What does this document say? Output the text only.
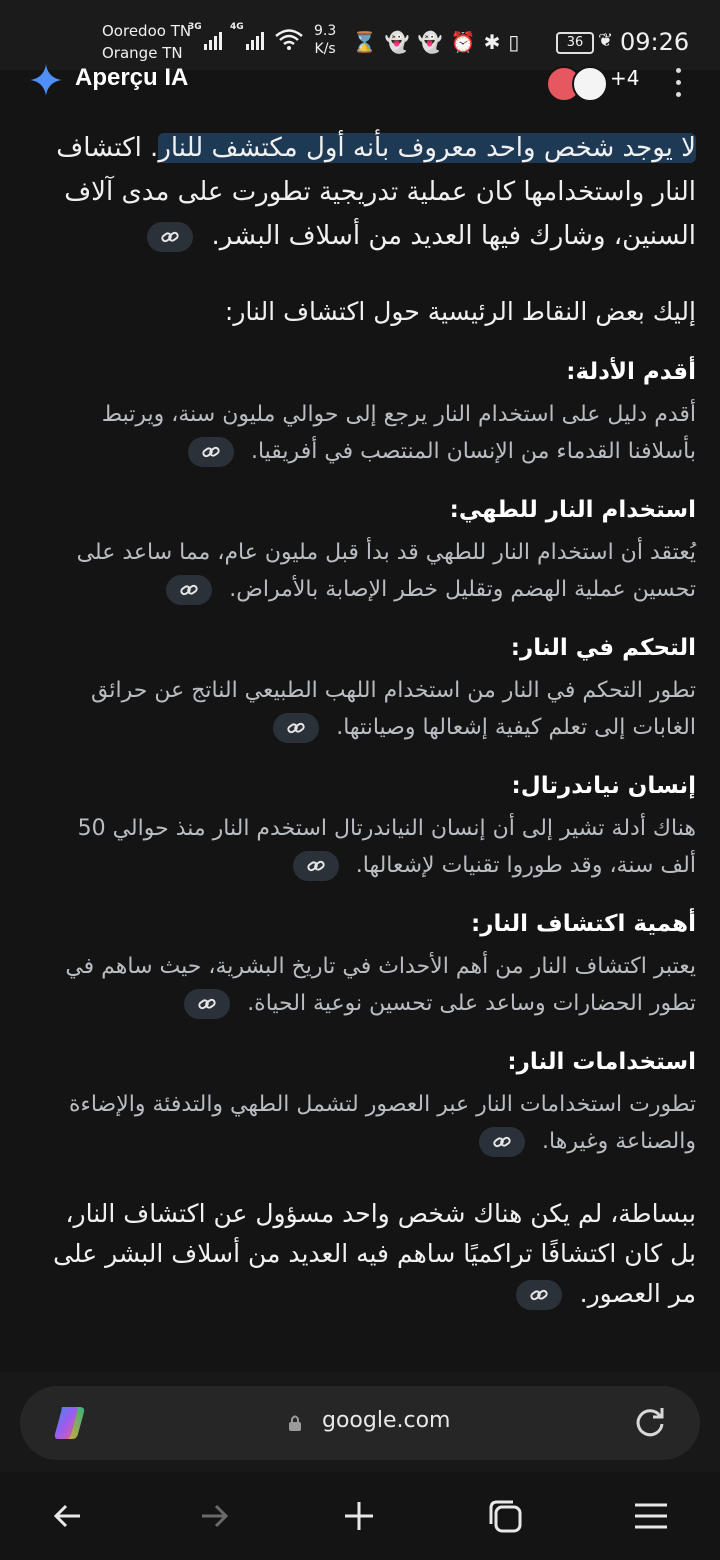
Ooredoo TN
Orange TN
3G	4G	9.3
K/s ⌛ 👻 👻 ⏰ ✱ ▯	36 ❦ 09:26
Aperçu IA	+4

لا يوجد شخص واحد معروف بأنه أول مكتشف للنار. اكتشاف النار واستخدامها كان عملية تدريجية تطورت على مدى آلاف السنين، وشارك فيها العديد من أسلاف البشر.

إليك بعض النقاط الرئيسية حول اكتشاف النار:
أقدم الأدلة:
أقدم دليل على استخدام النار يرجع إلى حوالي مليون سنة، ويرتبط بأسلافنا القدماء من الإنسان المنتصب في أفريقيا.
استخدام النار للطهي:
يُعتقد أن استخدام النار للطهي قد بدأ قبل مليون عام، مما ساعد على تحسين عملية الهضم وتقليل خطر الإصابة بالأمراض.
التحكم في النار:
تطور التحكم في النار من استخدام اللهب الطبيعي الناتج عن حرائق الغابات إلى تعلم كيفية إشعالها وصيانتها.
إنسان نياندرتال:
هناك أدلة تشير إلى أن إنسان النياندرتال استخدم النار منذ حوالي 50 ألف سنة، وقد طوروا تقنيات لإشعالها.
أهمية اكتشاف النار:
يعتبر اكتشاف النار من أهم الأحداث في تاريخ البشرية، حيث ساهم في تطور الحضارات وساعد على تحسين نوعية الحياة.
استخدامات النار:
تطورت استخدامات النار عبر العصور لتشمل الطهي والتدفئة والإضاءة والصناعة وغيرها.
ببساطة، لم يكن هناك شخص واحد مسؤول عن اكتشاف النار، بل كان اكتشافًا تراكميًا ساهم فيه العديد من أسلاف البشر على مر العصور.
google.com
